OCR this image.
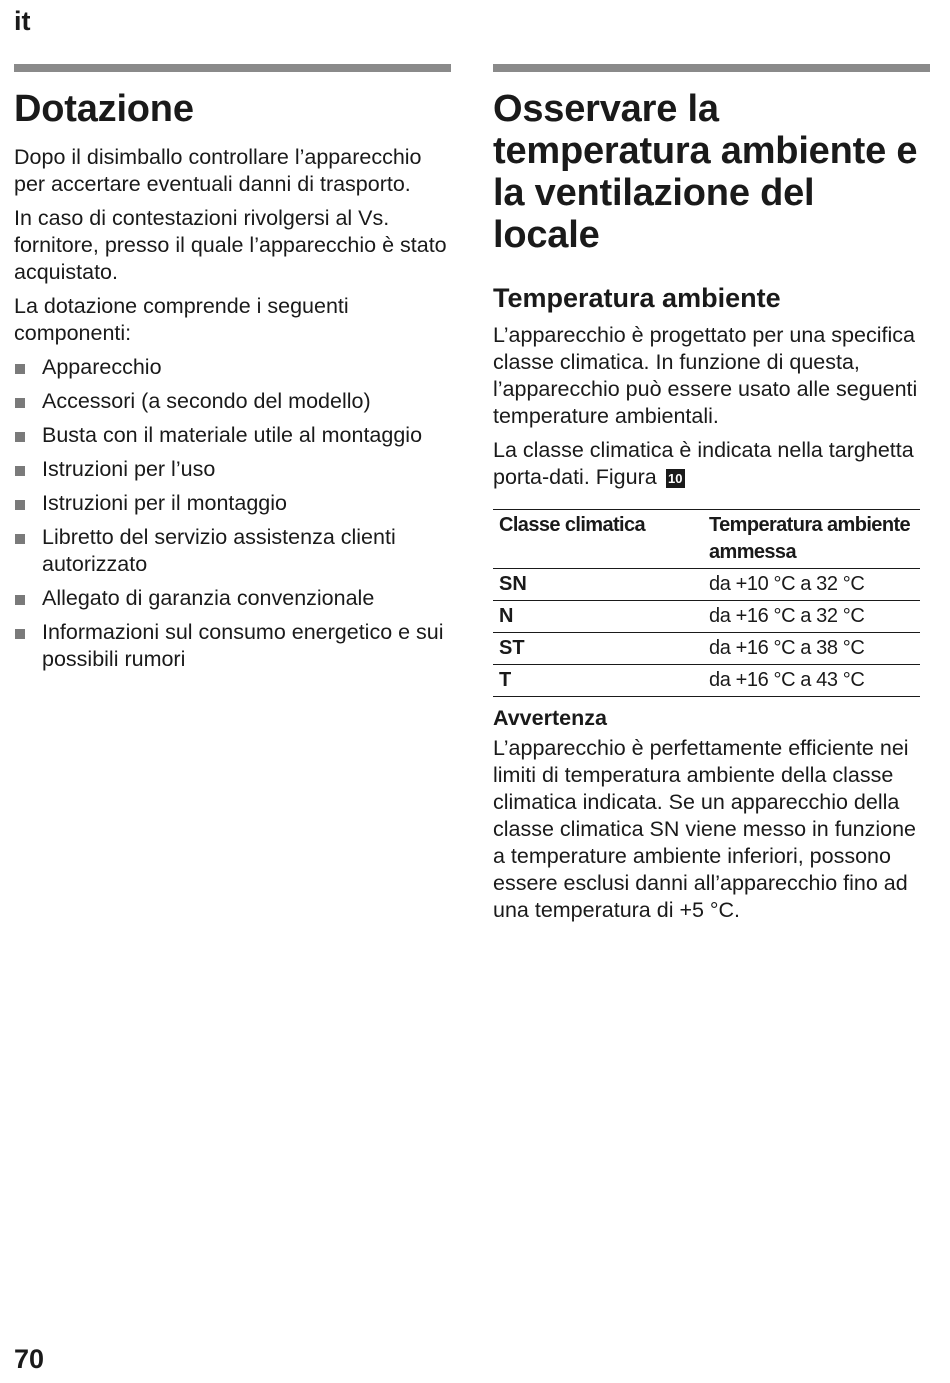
it
Dotazione

Dopo il disimballo controllare l’apparecchio per accertare eventuali danni di trasporto.

In caso di contestazioni rivolgersi al Vs. fornitore, presso il quale l’apparecchio è stato acquistato.

La dotazione comprende i seguenti componenti:

Apparecchio
Accessori (a secondo del modello)
Busta con il materiale utile al montaggio
Istruzioni per l’uso
Istruzioni per il montaggio
Libretto del servizio assistenza clienti autorizzato
Allegato di garanzia convenzionale
Informazioni sul consumo energetico e sui possibili rumori
Osservare la temperatura ambiente e la ventilazione del locale
Temperatura ambiente

L’apparecchio è progettato per una specifica classe climatica. In funzione di questa, l’apparecchio può essere usato alle seguenti temperature ambientali.

La classe climatica è indicata nella targhetta porta-dati. Figura 10

Classe climatica	Temperatura ambiente ammessa
SN	da +10 °C a 32 °C
N	da +16 °C a 32 °C
ST	da +16 °C a 38 °C
T	da +16 °C a 43 °C
Avvertenza

L’apparecchio è perfettamente efficiente nei limiti di temperatura ambiente della classe climatica indicata. Se un apparecchio della classe climatica SN viene messo in funzione a temperature ambiente inferiori, possono essere esclusi danni all’apparecchio fino ad una temperatura di +5 °C.

70
